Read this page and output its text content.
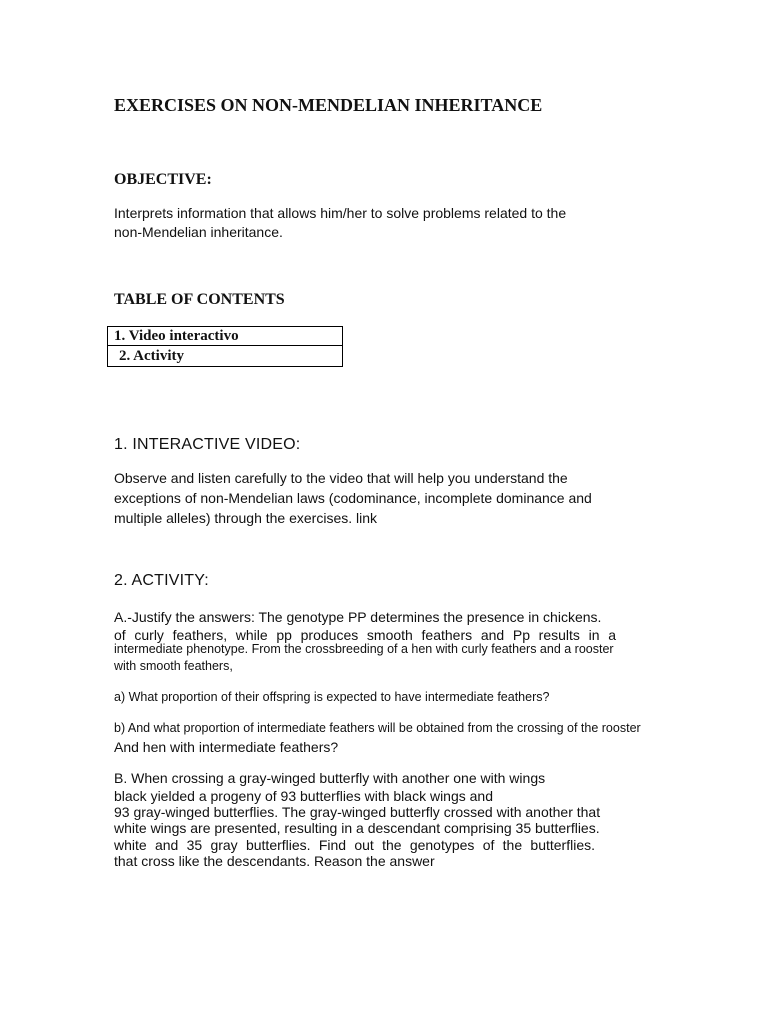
EXERCISES ON NON-MENDELIAN INHERITANCE
OBJECTIVE:

Interprets information that allows him/her to solve problems related to the

non-Mendelian inheritance.

TABLE OF CONTENTS
1. Video interactivo
2. Activity
1. INTERACTIVE VIDEO:

Observe and listen carefully to the video that will help you understand the

exceptions of non-Mendelian laws (codominance, incomplete dominance and

multiple alleles) through the exercises. link

2. ACTIVITY:

A.-Justify the answers: The genotype PP determines the presence in chickens.

of curly feathers, while pp produces smooth feathers and Pp results in a

intermediate phenotype. From the crossbreeding of a hen with curly feathers and a rooster

with smooth feathers,

a) What proportion of their offspring is expected to have intermediate feathers?

b) And what proportion of intermediate feathers will be obtained from the crossing of the rooster

And hen with intermediate feathers?

B. When crossing a gray-winged butterfly with another one with wings

black yielded a progeny of 93 butterflies with black wings and

93 gray-winged butterflies. The gray-winged butterfly crossed with another that

white wings are presented, resulting in a descendant comprising 35 butterflies.

white and 35 gray butterflies. Find out the genotypes of the butterflies.

that cross like the descendants. Reason the answer
